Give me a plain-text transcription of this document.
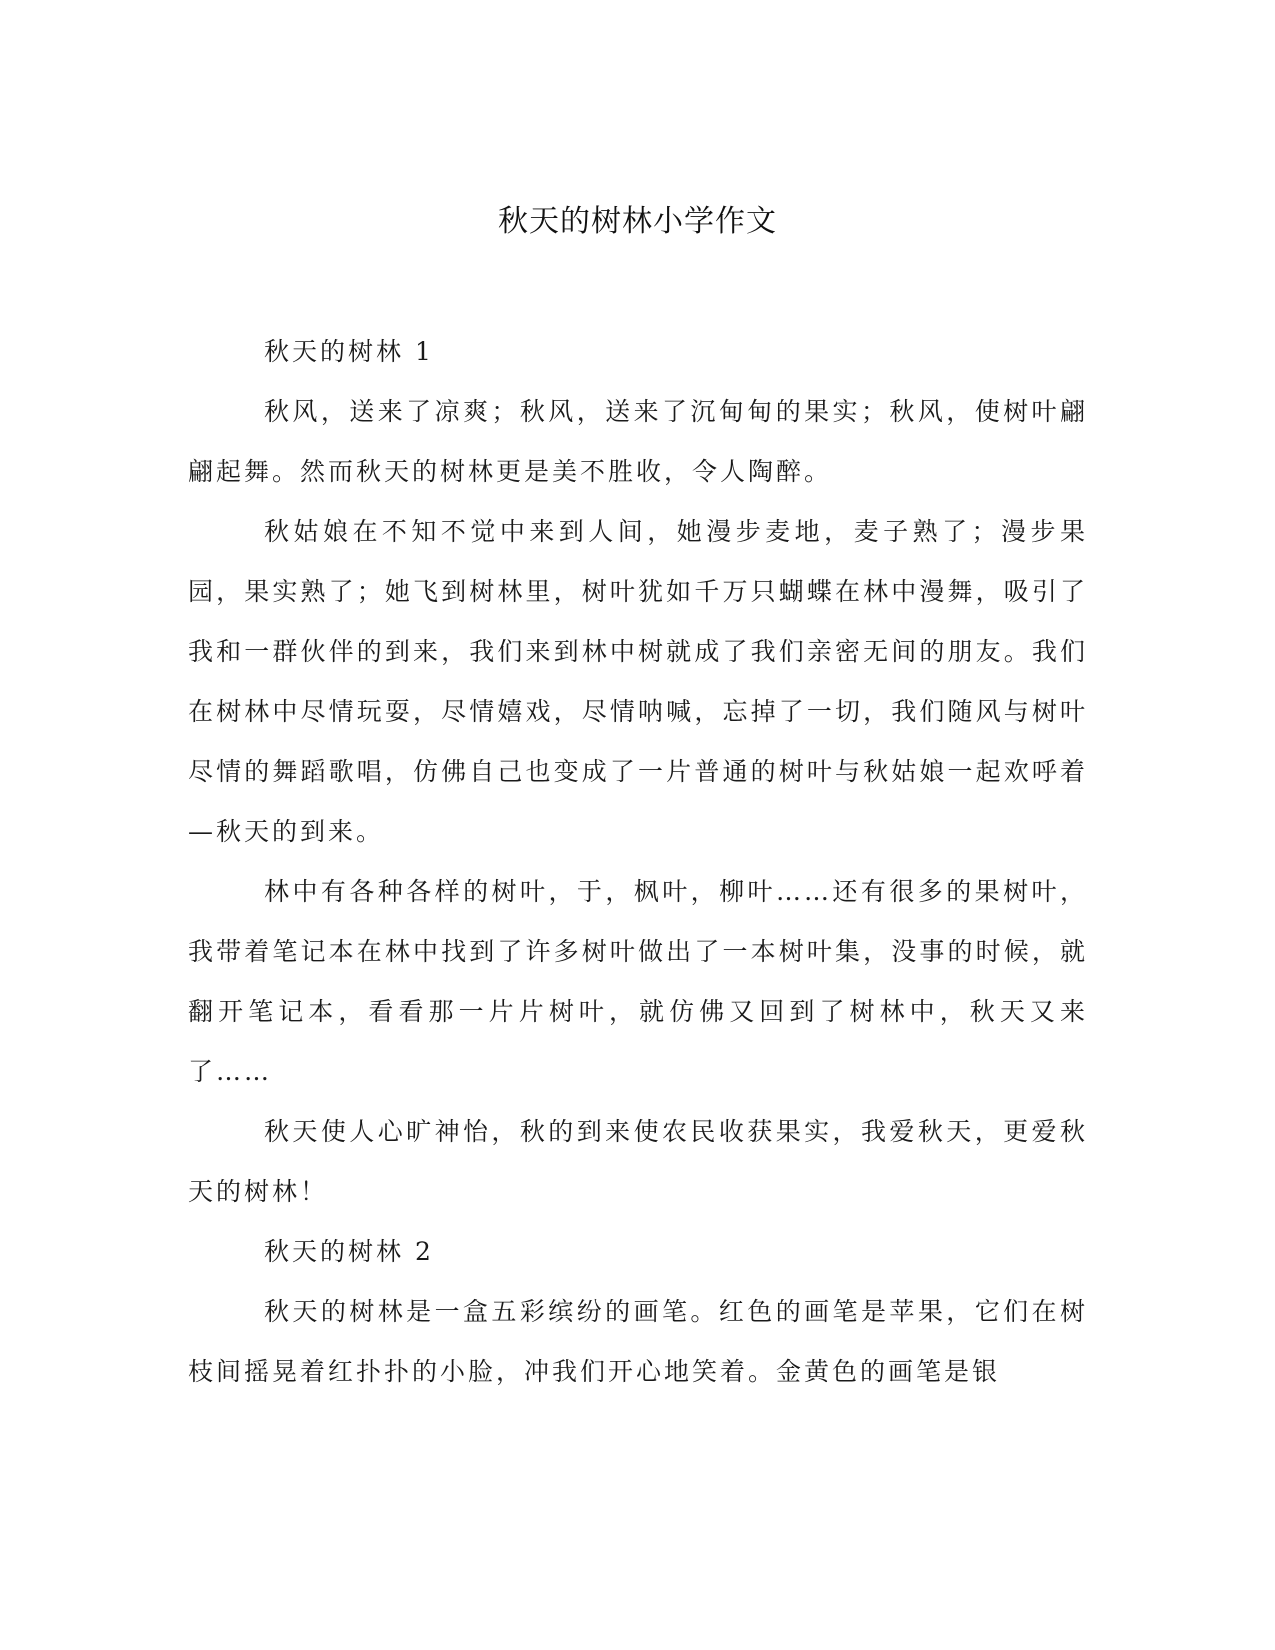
秋天的树林小学作文

秋天的树林 1

秋风，送来了凉爽；秋风，送来了沉甸甸的果实；秋风，使树叶翩翩起舞。然而秋天的树林更是美不胜收，令人陶醉。

秋姑娘在不知不觉中来到人间，她漫步麦地，麦子熟了；漫步果园，果实熟了；她飞到树林里，树叶犹如千万只蝴蝶在林中漫舞，吸引了我和一群伙伴的到来，我们来到林中树就成了我们亲密无间的朋友。我们在树林中尽情玩耍，尽情嬉戏，尽情呐喊，忘掉了一切，我们随风与树叶尽情的舞蹈歌唱，仿佛自己也变成了一片普通的树叶与秋姑娘一起欢呼着—秋天的到来。

林中有各种各样的树叶，于，枫叶，柳叶……还有很多的果树叶，我带着笔记本在林中找到了许多树叶做出了一本树叶集，没事的时候，就翻开笔记本，看看那一片片树叶，就仿佛又回到了树林中，秋天又来了……

秋天使人心旷神怡，秋的到来使农民收获果实，我爱秋天，更爱秋天的树林！

秋天的树林 2

秋天的树林是一盒五彩缤纷的画笔。红色的画笔是苹果，它们在树枝间摇晃着红扑扑的小脸，冲我们开心地笑着。金黄色的画笔是银
